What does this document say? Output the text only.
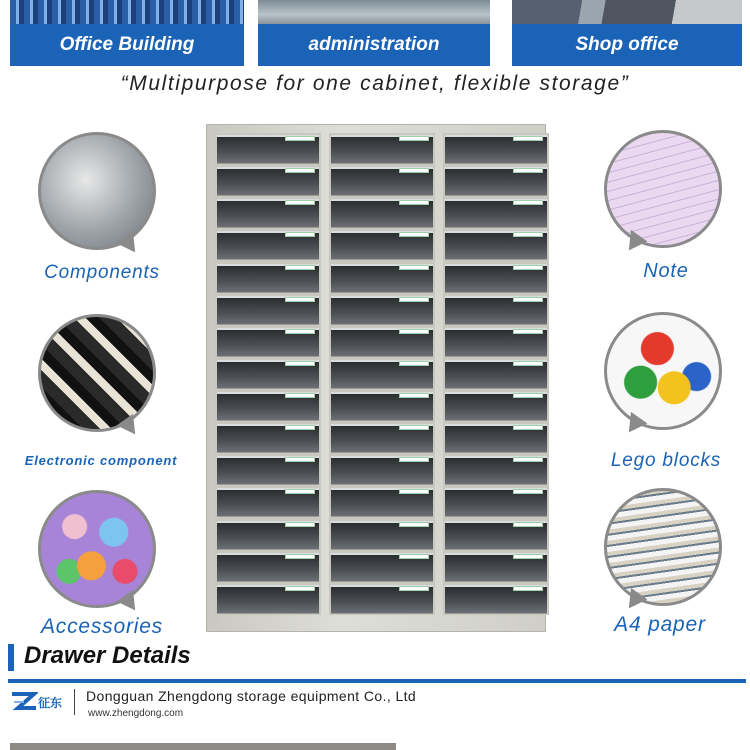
Office Building	administration	Shop office
“Multipurpose for one cabinet, flexible storage”
Components
Electronic component
Accessories
Note
Lego blocks
A4 paper
Drawer Details
征东 Dongguan Zhengdong storage equipment Co., Ltd
www.zhengdong.com
